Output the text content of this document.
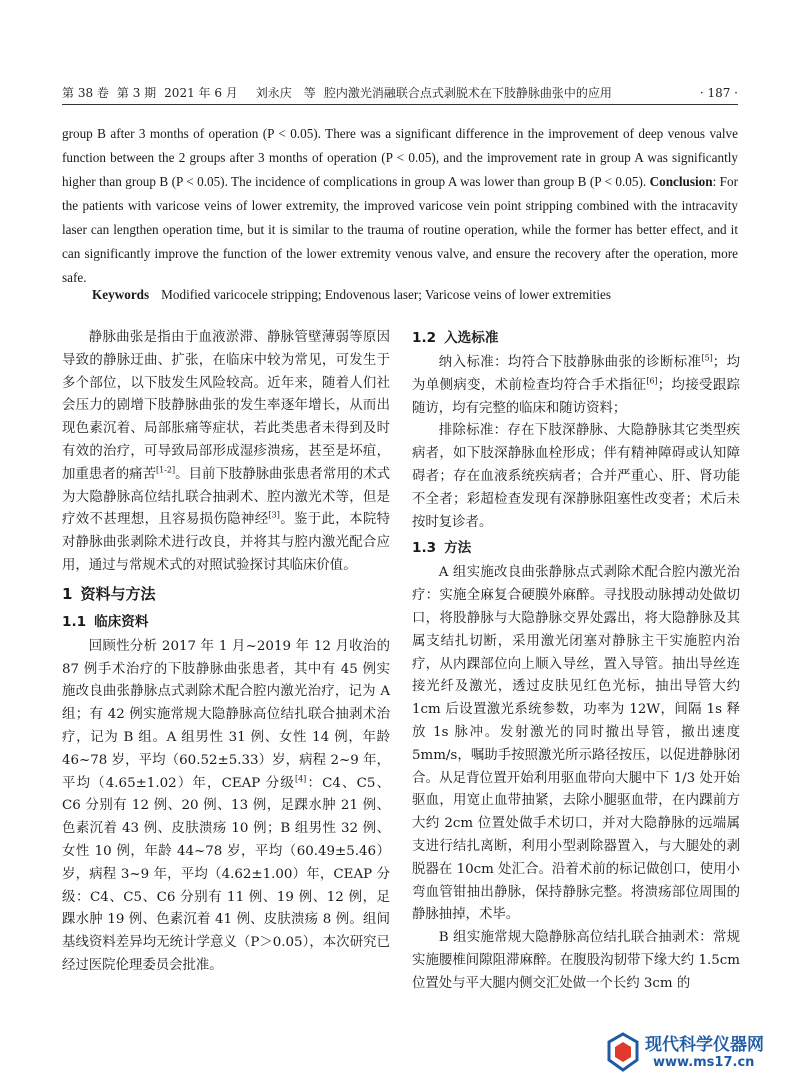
第 38 卷 第 3 期 2021 年 6 月 刘永庆　等 腔内激光消融联合点式剥脱术在下肢静脉曲张中的应用	· 187 ·
group B after 3 months of operation (P < 0.05). There was a significant difference in the improvement of deep venous valve function between the 2 groups after 3 months of operation (P < 0.05), and the improvement rate in group A was significantly higher than group B (P < 0.05). The incidence of complications in group A was lower than group B (P < 0.05). Conclusion: For the patients with varicose veins of lower extremity, the improved varicose vein point stripping combined with the intracavity laser can lengthen operation time, but it is similar to the trauma of routine operation, while the former has better effect, and it can significantly improve the function of the lower extremity venous valve, and ensure the recovery after the operation, more safe.
Keywords Modified varicocele stripping; Endovenous laser; Varicose veins of lower extremities

静脉曲张是指由于血液淤滞、静脉管壁薄弱等原因导致的静脉迂曲、扩张，在临床中较为常见，可发生于多个部位，以下肢发生风险较高。近年来，随着人们社会压力的剧增下肢静脉曲张的发生率逐年增长，从而出现色素沉着、局部胀痛等症状，若此类患者未得到及时有效的治疗，可导致局部形成湿疹溃疡，甚至是坏疽，加重患者的痛苦[1-2]。目前下肢静脉曲张患者常用的术式为大隐静脉高位结扎联合抽剥术、腔内激光术等，但是疗效不甚理想，且容易损伤隐神经[3]。鉴于此，本院特对静脉曲张剥除术进行改良，并将其与腔内激光配合应用，通过与常规术式的对照试验探讨其临床价值。

1 资料与方法
1.1 临床资料

回顾性分析 2017 年 1 月~2019 年 12 月收治的 87 例手术治疗的下肢静脉曲张患者，其中有 45 例实施改良曲张静脉点式剥除术配合腔内激光治疗，记为 A 组；有 42 例实施常规大隐静脉高位结扎联合抽剥术治疗，记为 B 组。A 组男性 31 例、女性 14 例，年龄 46~78 岁，平均（60.52±5.33）岁，病程 2~9 年，平均（4.65±1.02）年，CEAP 分级[4]：C4、C5、C6 分别有 12 例、20 例、13 例，足踝水肿 21 例、色素沉着 43 例、皮肤溃疡 10 例；B 组男性 32 例、女性 10 例，年龄 44~78 岁，平均（60.49±5.46）岁，病程 3~9 年，平均（4.62±1.00）年，CEAP 分级：C4、C5、C6 分别有 11 例、19 例、12 例，足踝水肿 19 例、色素沉着 41 例、皮肤溃疡 8 例。组间基线资料差异均无统计学意义（P＞0.05），本次研究已经过医院伦理委员会批准。

1.2 入选标准

纳入标准：均符合下肢静脉曲张的诊断标准[5]；均为单侧病变，术前检查均符合手术指征[6]；均接受跟踪随访，均有完整的临床和随访资料；

排除标准：存在下肢深静脉、大隐静脉其它类型疾病者，如下肢深静脉血栓形成；伴有精神障碍或认知障碍者；存在血液系统疾病者；合并严重心、肝、肾功能不全者；彩超检查发现有深静脉阻塞性改变者；术后未按时复诊者。

1.3 方法

A 组实施改良曲张静脉点式剥除术配合腔内激光治疗：实施全麻复合硬膜外麻醉。寻找股动脉搏动处做切口，将股静脉与大隐静脉交界处露出，将大隐静脉及其属支结扎切断，采用激光闭塞对静脉主干实施腔内治疗，从内踝部位向上顺入导丝，置入导管。抽出导丝连接光纤及激光，透过皮肤见红色光标，抽出导管大约 1cm 后设置激光系统参数，功率为 12W，间隔 1s 释放 1s 脉冲。发射激光的同时撤出导管，撤出速度 5mm/s，嘱助手按照激光所示路径按压，以促进静脉闭合。从足背位置开始利用驱血带向大腿中下 1/3 处开始驱血，用宽止血带抽紧，去除小腿驱血带，在内踝前方大约 2cm 位置处做手术切口，并对大隐静脉的远端属支进行结扎离断，利用小型剥除器置入，与大腿处的剥脱器在 10cm 处汇合。沿着术前的标记做创口，使用小弯血管钳抽出静脉，保持静脉完整。将溃疡部位周围的静脉抽掉，术毕。

B 组实施常规大隐静脉高位结扎联合抽剥术：常规实施腰椎间隙阻滞麻醉。在腹股沟韧带下缘大约 1.5cm 位置处与平大腿内侧交汇处做一个长约 3cm 的

现代科学仪器网
www.ms17.cn
